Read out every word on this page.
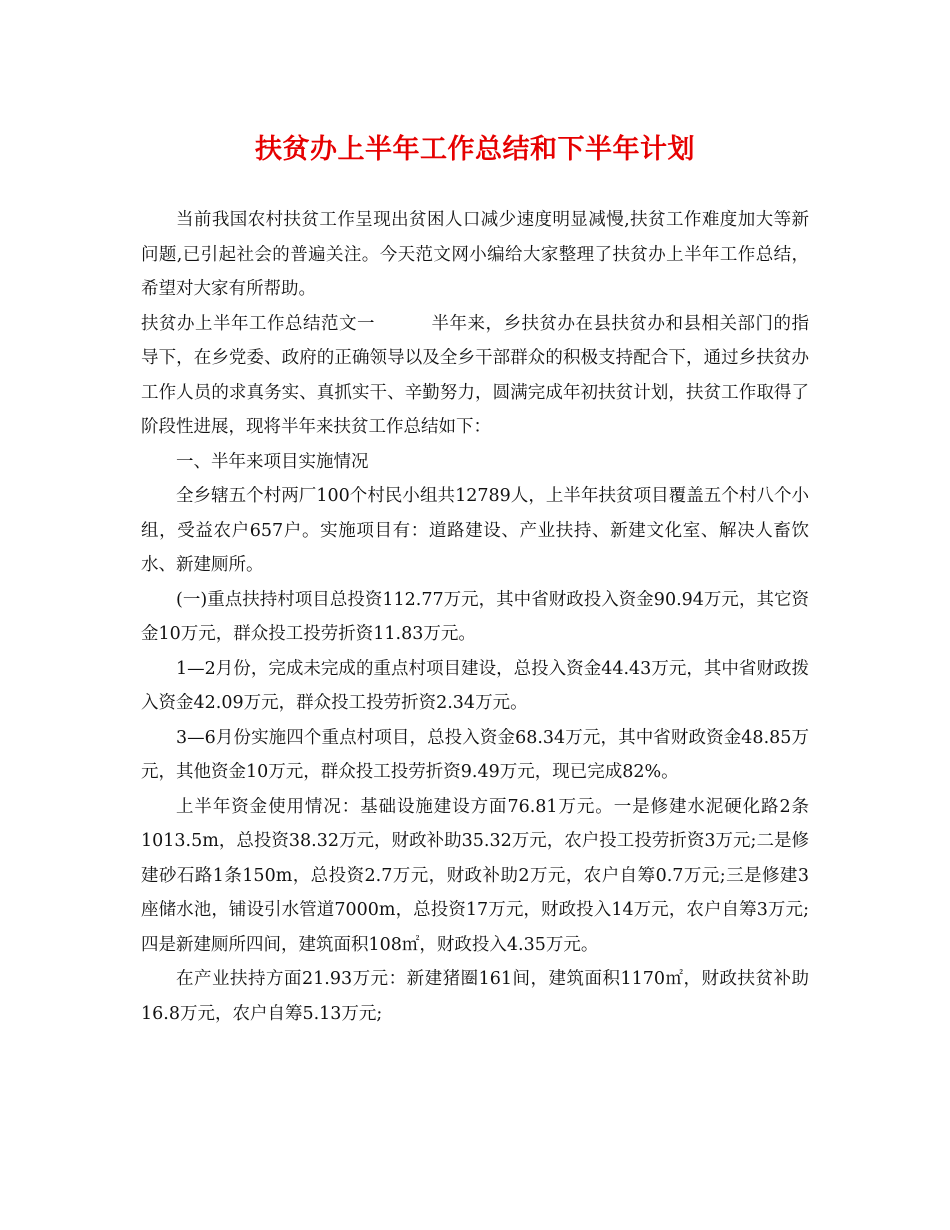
扶贫办上半年工作总结和下半年计划

当前我国农村扶贫工作呈现出贫困人口减少速度明显减慢,扶贫工作难度加大等新问题,已引起社会的普遍关注。今天范文网小编给大家整理了扶贫办上半年工作总结，希望对大家有所帮助。

扶贫办上半年工作总结范文一	半年来，乡扶贫办在县扶贫办和县相关部门的指导下，在乡党委、政府的正确领导以及全乡干部群众的积极支持配合下，通过乡扶贫办工作人员的求真务实、真抓实干、辛勤努力，圆满完成年初扶贫计划，扶贫工作取得了阶段性进展，现将半年来扶贫工作总结如下：

一、半年来项目实施情况

全乡辖五个村两厂100个村民小组共12789人，上半年扶贫项目覆盖五个村八个小组，受益农户657户。实施项目有：道路建设、产业扶持、新建文化室、解决人畜饮水、新建厕所。

(一)重点扶持村项目总投资112.77万元，其中省财政投入资金90.94万元，其它资金10万元，群众投工投劳折资11.83万元。

1—2月份，完成未完成的重点村项目建设，总投入资金44.43万元，其中省财政拨入资金42.09万元，群众投工投劳折资2.34万元。

3—6月份实施四个重点村项目，总投入资金68.34万元，其中省财政资金48.85万元，其他资金10万元，群众投工投劳折资9.49万元，现已完成82%。

上半年资金使用情况：基础设施建设方面76.81万元。一是修建水泥硬化路2条1013.5m，总投资38.32万元，财政补助35.32万元，农户投工投劳折资3万元;二是修建砂石路1条150m，总投资2.7万元，财政补助2万元，农户自筹0.7万元;三是修建3座储水池，铺设引水管道7000m，总投资17万元，财政投入14万元，农户自筹3万元;四是新建厕所四间，建筑面积108㎡，财政投入4.35万元。

在产业扶持方面21.93万元：新建猪圈161间，建筑面积1170㎡，财政扶贫补助16.8万元，农户自筹5.13万元;
